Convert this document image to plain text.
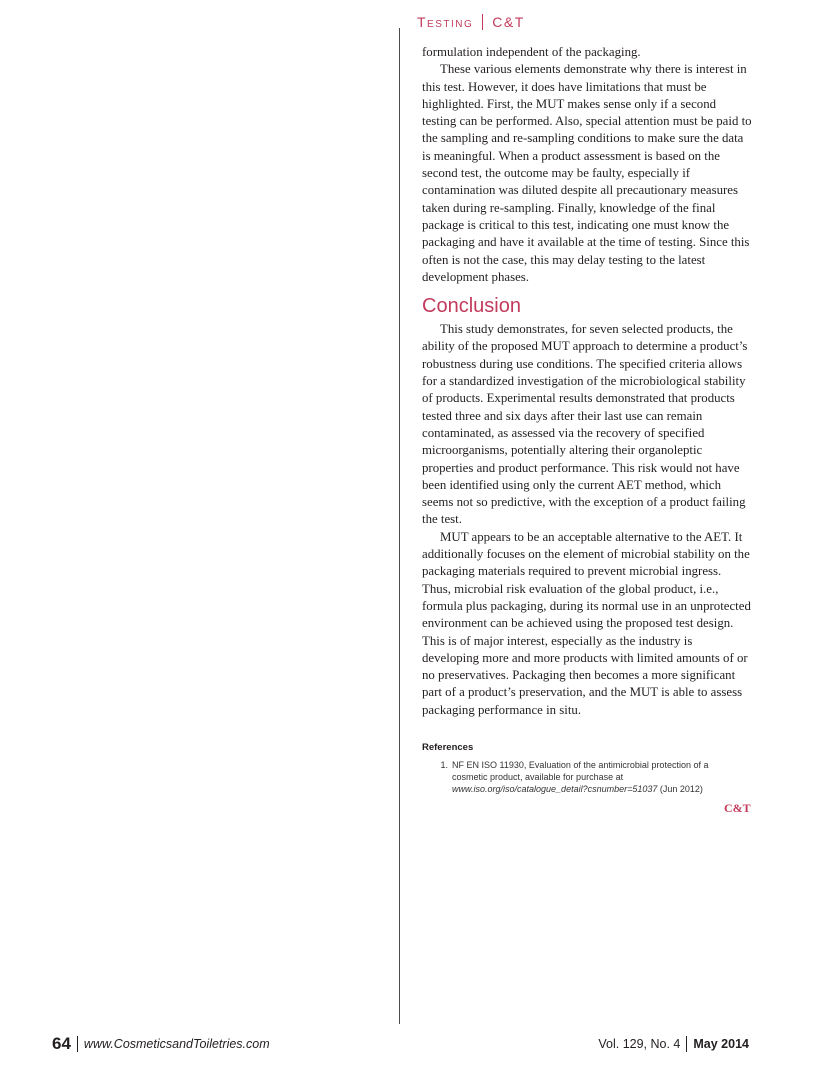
Testing C&T

formulation independent of the packaging.

These various elements demonstrate why there is interest in this test. However, it does have limitations that must be highlighted. First, the MUT makes sense only if a second testing can be performed. Also, special attention must be paid to the sampling and re-sampling conditions to make sure the data is meaningful. When a product assessment is based on the second test, the outcome may be faulty, especially if contamination was diluted despite all precautionary measures taken during re-sampling. Finally, knowledge of the final package is critical to this test, indicating one must know the packaging and have it available at the time of testing. Since this often is not the case, this may delay testing to the latest development phases.

Conclusion

This study demonstrates, for seven selected products, the ability of the proposed MUT approach to determine a product’s robustness during use conditions. The specified criteria allows for a standardized investigation of the microbiological stability of products. Experimental results demonstrated that products tested three and six days after their last use can remain contaminated, as assessed via the recovery of specified microorganisms, potentially altering their organoleptic properties and product performance. This risk would not have been identified using only the current AET method, which seems not so predictive, with the exception of a product failing the test.

MUT appears to be an acceptable alternative to the AET. It additionally focuses on the element of microbial stability on the packaging materials required to prevent microbial ingress. Thus, microbial risk evaluation of the global product, i.e., formula plus packaging, during its normal use in an unprotected environment can be achieved using the proposed test design. This is of major interest, especially as the industry is developing more and more products with limited amounts of or no preservatives. Packaging then becomes a more significant part of a product’s preservation, and the MUT is able to assess packaging performance in situ.

References
1. NF EN ISO 11930, Evaluation of the antimicrobial protection of a cosmetic product, available for purchase at www.iso.org/iso/catalogue_detail?csnumber=51037 (Jun 2012)
C&T
64 www.CosmeticsandToiletries.com	Vol. 129, No. 4 May 2014
